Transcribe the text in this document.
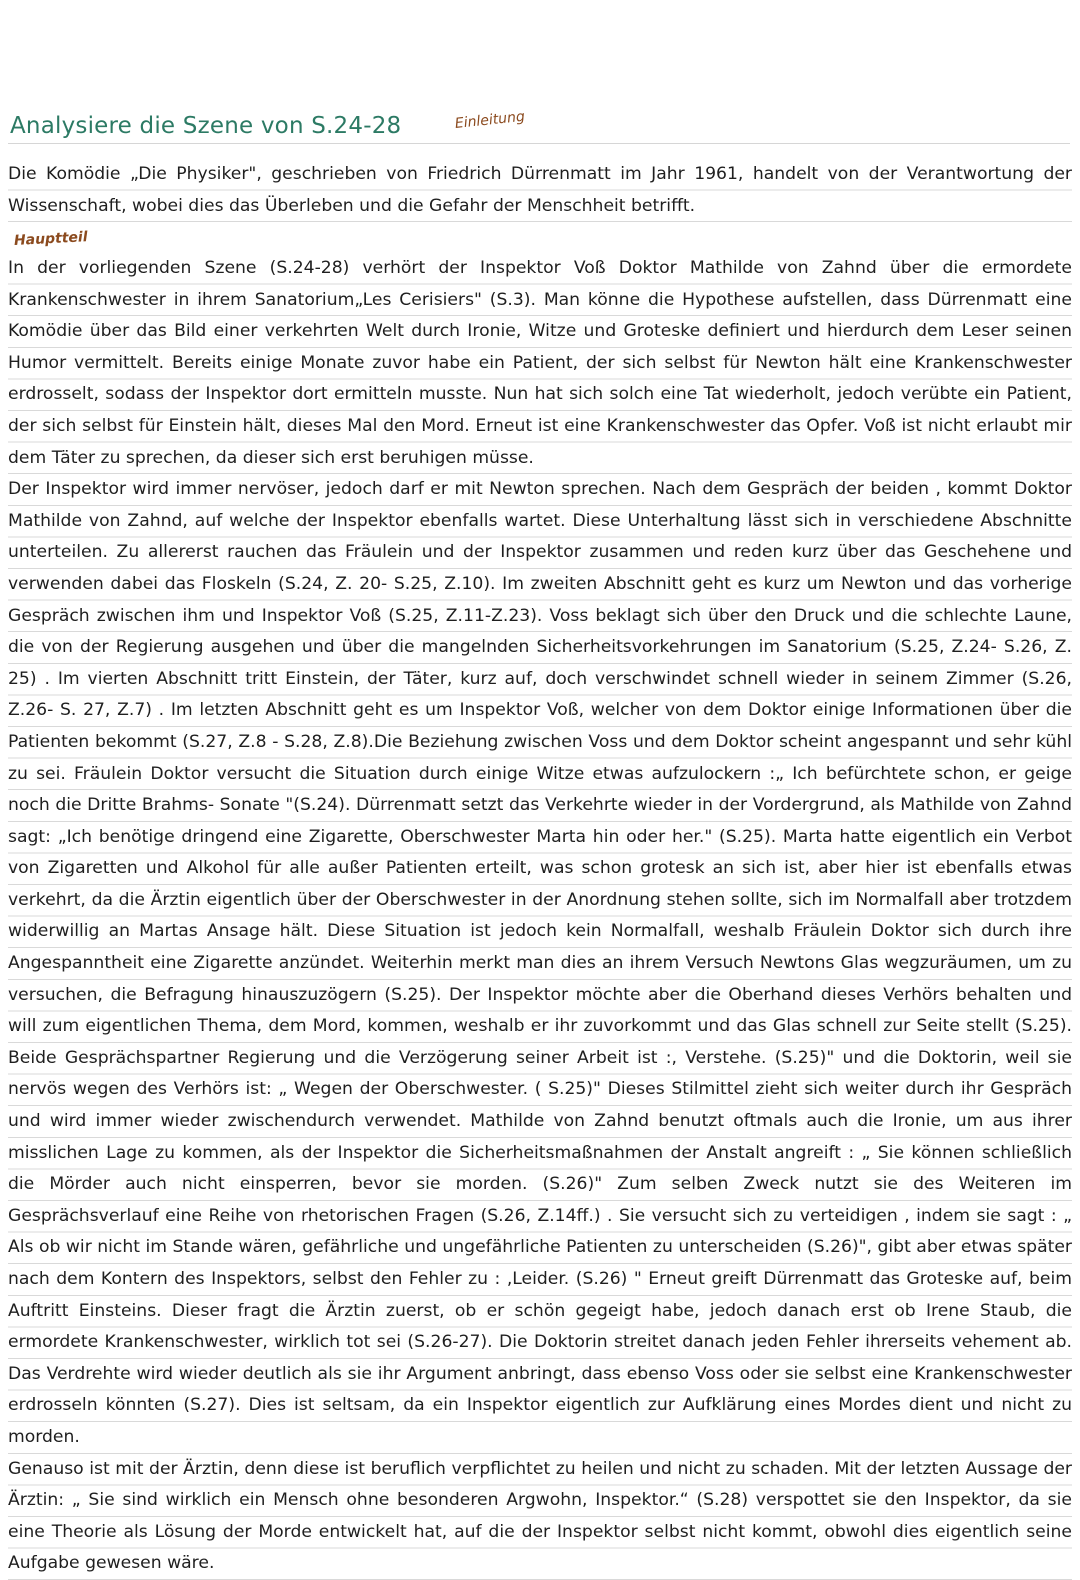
Analysiere die Szene von S.24-28	Einleitung

Die Komödie „Die Physiker", geschrieben von Friedrich Dürrenmatt im Jahr 1961, handelt von der Verantwortung der Wissenschaft, wobei dies das Überleben und die Gefahr der Menschheit betrifft.

Hauptteil

In der vorliegenden Szene (S.24-28) verhört der Inspektor Voß Doktor Mathilde von Zahnd über die ermordete Krankenschwester in ihrem Sanatorium„Les Cerisiers" (S.3). Man könne die Hypothese aufstellen, dass Dürrenmatt eine Komödie über das Bild einer verkehrten Welt durch Ironie, Witze und Groteske definiert und hierdurch dem Leser seinen Humor vermittelt. Bereits einige Monate zuvor habe ein Patient, der sich selbst für Newton hält eine Krankenschwester erdrosselt, sodass der Inspektor dort ermitteln musste. Nun hat sich solch eine Tat wiederholt, jedoch verübte ein Patient, der sich selbst für Einstein hält, dieses Mal den Mord. Erneut ist eine Krankenschwester das Opfer. Voß ist nicht erlaubt mir dem Täter zu sprechen, da dieser sich erst beruhigen müsse.

Der Inspektor wird immer nervöser, jedoch darf er mit Newton sprechen. Nach dem Gespräch der beiden , kommt Doktor Mathilde von Zahnd, auf welche der Inspektor ebenfalls wartet. Diese Unterhaltung lässt sich in verschiedene Abschnitte unterteilen. Zu allererst rauchen das Fräulein und der Inspektor zusammen und reden kurz über das Geschehene und verwenden dabei das Floskeln (S.24, Z. 20- S.25, Z.10). Im zweiten Abschnitt geht es kurz um Newton und das vorherige Gespräch zwischen ihm und Inspektor Voß (S.25, Z.11-Z.23). Voss beklagt sich über den Druck und die schlechte Laune, die von der Regierung ausgehen und über die mangelnden Sicherheitsvorkehrungen im Sanatorium (S.25, Z.24- S.26, Z. 25) . Im vierten Abschnitt tritt Einstein, der Täter, kurz auf, doch verschwindet schnell wieder in seinem Zimmer (S.26, Z.26- S. 27, Z.7) . Im letzten Abschnitt geht es um Inspektor Voß, welcher von dem Doktor einige Informationen über die Patienten bekommt (S.27, Z.8 - S.28, Z.8).Die Beziehung zwischen Voss und dem Doktor scheint angespannt und sehr kühl zu sei. Fräulein Doktor versucht die Situation durch einige Witze etwas aufzulockern :„ Ich befürchtete schon, er geige noch die Dritte Brahms- Sonate "(S.24). Dürrenmatt setzt das Verkehrte wieder in der Vordergrund, als Mathilde von Zahnd sagt: „Ich benötige dringend eine Zigarette, Oberschwester Marta hin oder her." (S.25). Marta hatte eigentlich ein Verbot von Zigaretten und Alkohol für alle außer Patienten erteilt, was schon grotesk an sich ist, aber hier ist ebenfalls etwas verkehrt, da die Ärztin eigentlich über der Oberschwester in der Anordnung stehen sollte, sich im Normalfall aber trotzdem widerwillig an Martas Ansage hält. Diese Situation ist jedoch kein Normalfall, weshalb Fräulein Doktor sich durch ihre Angespanntheit eine Zigarette anzündet. Weiterhin merkt man dies an ihrem Versuch Newtons Glas wegzuräumen, um zu versuchen, die Befragung hinauszuzögern (S.25). Der Inspektor möchte aber die Oberhand dieses Verhörs behalten und will zum eigentlichen Thema, dem Mord, kommen, weshalb er ihr zuvorkommt und das Glas schnell zur Seite stellt (S.25). Beide Gesprächspartner Regierung und die Verzögerung seiner Arbeit ist :, Verstehe. (S.25)" und die Doktorin, weil sie nervös wegen des Verhörs ist: „ Wegen der Oberschwester. ( S.25)" Dieses Stilmittel zieht sich weiter durch ihr Gespräch und wird immer wieder zwischendurch verwendet. Mathilde von Zahnd benutzt oftmals auch die Ironie, um aus ihrer misslichen Lage zu kommen, als der Inspektor die Sicherheitsmaßnahmen der Anstalt angreift : „ Sie können schließlich die Mörder auch nicht einsperren, bevor sie morden. (S.26)" Zum selben Zweck nutzt sie des Weiteren im Gesprächsverlauf eine Reihe von rhetorischen Fragen (S.26, Z.14ff.) . Sie versucht sich zu verteidigen , indem sie sagt : „ Als ob wir nicht im Stande wären, gefährliche und ungefährliche Patienten zu unterscheiden (S.26)", gibt aber etwas später nach dem Kontern des Inspektors, selbst den Fehler zu : ‚Leider. (S.26) " Erneut greift Dürrenmatt das Groteske auf, beim Auftritt Einsteins. Dieser fragt die Ärztin zuerst, ob er schön gegeigt habe, jedoch danach erst ob Irene Staub, die ermordete Krankenschwester, wirklich tot sei (S.26-27). Die Doktorin streitet danach jeden Fehler ihrerseits vehement ab. Das Verdrehte wird wieder deutlich als sie ihr Argument anbringt, dass ebenso Voss oder sie selbst eine Krankenschwester erdrosseln könnten (S.27). Dies ist seltsam, da ein Inspektor eigentlich zur Aufklärung eines Mordes dient und nicht zu morden.

Genauso ist mit der Ärztin, denn diese ist beruflich verpflichtet zu heilen und nicht zu schaden. Mit der letzten Aussage der Ärztin: „ Sie sind wirklich ein Mensch ohne besonderen Argwohn, Inspektor.“ (S.28) verspottet sie den Inspektor, da sie eine Theorie als Lösung der Morde entwickelt hat, auf die der Inspektor selbst nicht kommt, obwohl dies eigentlich seine Aufgabe gewesen wäre.
